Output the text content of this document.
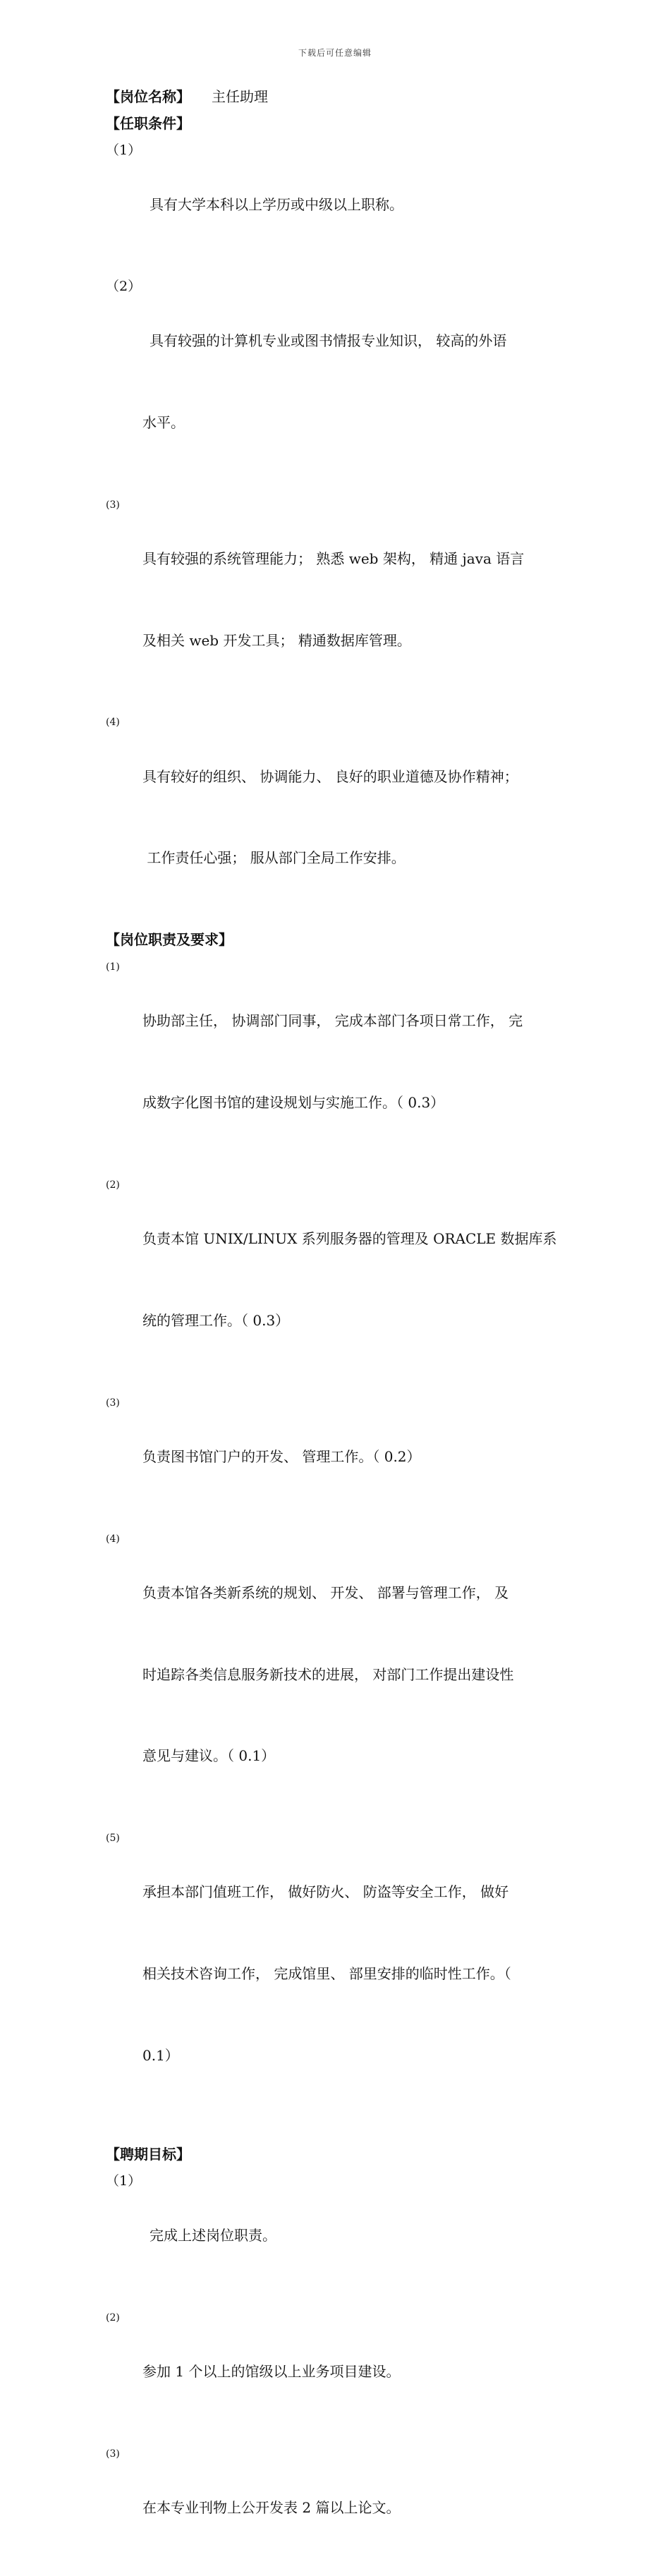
下载后可任意编辑
【岗位名称】 主任助理
【任职条件】
（1）

具有大学本科以上学历或中级以上职称。

（2）

具有较强的计算机专业或图书情报专业知识， 较高的外语

水平。

(3)

具有较强的系统管理能力； 熟悉 web 架构， 精通 java 语言

及相关 web 开发工具； 精通数据库管理。

(4)

具有较好的组织、 协调能力、 良好的职业道德及协作精神；

工作责任心强； 服从部门全局工作安排。

【岗位职责及要求】
(1)

协助部主任， 协调部门同事， 完成本部门各项日常工作， 完

成数字化图书馆的建设规划与实施工作。（ 0.3）

(2)

负责本馆 UNIX/LINUX 系列服务器的管理及 ORACLE 数据库系

统的管理工作。（ 0.3）

(3)

负责图书馆门户的开发、 管理工作。（ 0.2）

(4)

负责本馆各类新系统的规划、 开发、 部署与管理工作， 及

时追踪各类信息服务新技术的进展， 对部门工作提出建设性

意见与建议。（ 0.1）

(5)

承担本部门值班工作， 做好防火、 防盗等安全工作， 做好

相关技术咨询工作， 完成馆里、 部里安排的临时性工作。（

0.1）

【聘期目标】
（1）

完成上述岗位职责。

(2)

参加 1 个以上的馆级以上业务项目建设。

(3)

在本专业刊物上公开发表 2 篇以上论文。
